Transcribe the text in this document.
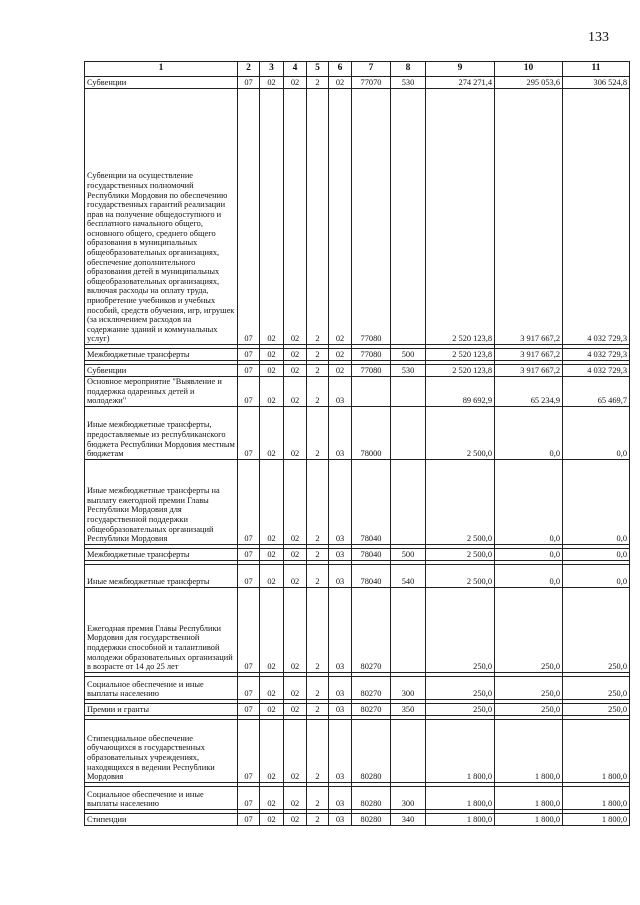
133
1	2	3	4	5	6	7	8	9	10	11
Субвенции	07	02	02	2	02	77070	530	274 271,4	295 053,6	306 524,8
Субвенции на осуществление государственных полномочий Республики Мордовия по обеспечению государственных гарантий реализации прав на получение общедоступного и бесплатного начального общего, основного общего, среднего общего образования в муниципальных общеобразовательных организациях, обеспечение дополнительного образования детей в муниципальных общеобразовательных организациях, включая расходы на оплату труда, приобретение учебников и учебных пособий, средств обучения, игр, игрушек (за исключением расходов на содержание зданий и коммунальных услуг)	07	02	02	2	02	77080		2 520 123,8	3 917 667,2	4 032 729,3

Межбюджетные трансферты	07	02	02	2	02	77080	500	2 520 123,8	3 917 667,2	4 032 729,3

Субвенции	07	02	02	2	02	77080	530	2 520 123,8	3 917 667,2	4 032 729,3
Основное мероприятие "Выявление и поддержка одаренных детей и молодежи"	07	02	02	2	03			89 692,9	65 234,9	65 469,7
Иные межбюджетные трансферты, предоставляемые из республиканского бюджета Республики Мордовия местным бюджетам	07	02	02	2	03	78000		2 500,0	0,0	0,0
Иные межбюджетные трансферты на выплату ежегодной премии Главы Республики Мордовия для государственной поддержки общеобразовательных организаций Республики Мордовия	07	02	02	2	03	78040		2 500,0	0,0	0,0

Межбюджетные трансферты	07	02	02	2	03	78040	500	2 500,0	0,0	0,0

Иные межбюджетные трансферты	07	02	02	2	03	78040	540	2 500,0	0,0	0,0
Ежегодная премия Главы Республики Мордовия для государственной поддержки способной и талантливой молодежи образовательных организаций в возрасте от 14 до 25 лет	07	02	02	2	03	80270		250,0	250,0	250,0

Социальное обеспечение и иные выплаты населению	07	02	02	2	03	80270	300	250,0	250,0	250,0

Премии и гранты	07	02	02	2	03	80270	350	250,0	250,0	250,0

Стипендиальное обеспечение обучающихся в государственных образовательных учреждениях, находящихся в ведении Республики Мордовия	07	02	02	2	03	80280		1 800,0	1 800,0	1 800,0

Социальное обеспечение и иные выплаты населению	07	02	02	2	03	80280	300	1 800,0	1 800,0	1 800,0

Стипендии	07	02	02	2	03	80280	340	1 800,0	1 800,0	1 800,0
